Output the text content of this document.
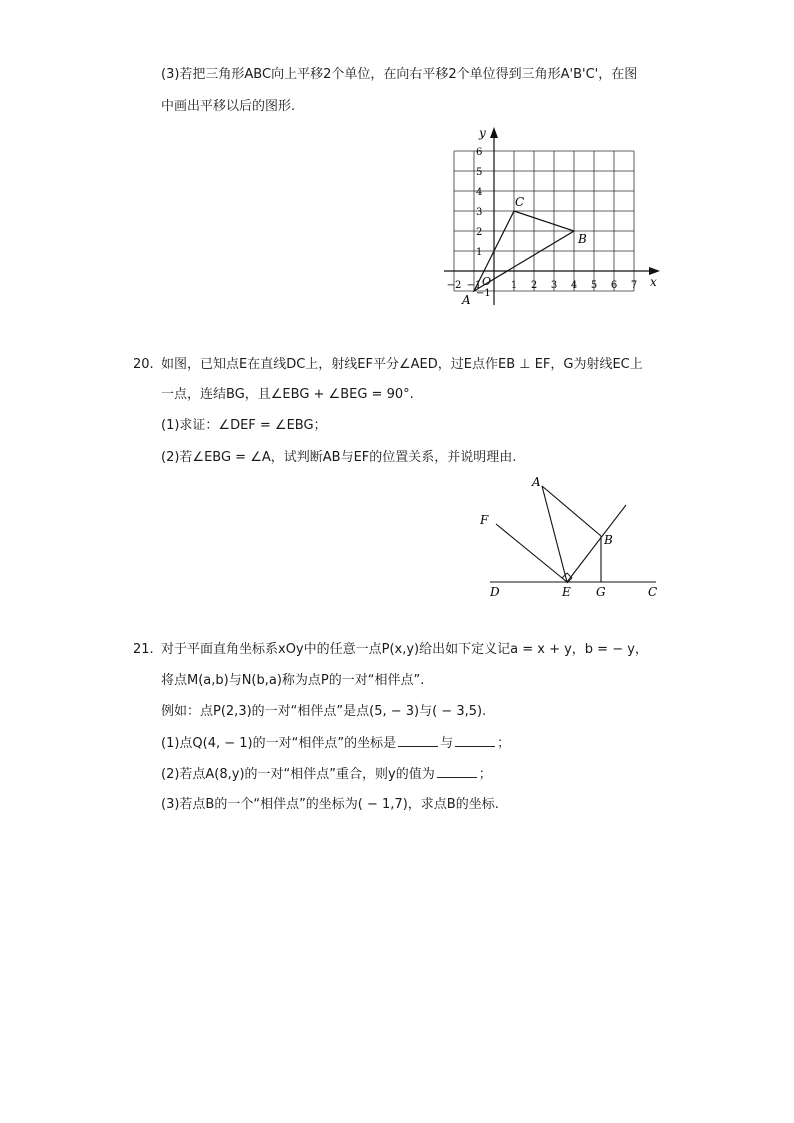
(3)若把三角形ABC向上平移2个单位，在向右平移2个单位得到三角形A'B'C'，在图
中画出平移以后的图形.
x
y
O
−2 −1	1 2 3 4 5 6 7
−1
1
2
3
4
5
6
A
B
C
20. 如图，已知点E在直线DC上，射线EF平分∠AED，过E点作EB ⊥ EF，G为射线EC上
一点，连结BG，且∠EBG + ∠BEG = 90°.
(1)求证：∠DEF = ∠EBG；
(2)若∠EBG = ∠A，试判断AB与EF的位置关系，并说明理由.
A
B
F
D	E G	C
21. 对于平面直角坐标系xOy中的任意一点P(x,y)给出如下定义记a = x + y，b = − y，
将点M(a,b)与N(b,a)称为点P的一对“相伴点”.
例如：点P(2,3)的一对“相伴点”是点(5, − 3)与( − 3,5).
(1)点Q(4, − 1)的一对“相伴点”的坐标是	与	；
(2)若点A(8,y)的一对“相伴点”重合，则y的值为	；
(3)若点B的一个“相伴点”的坐标为( − 1,7)，求点B的坐标.
